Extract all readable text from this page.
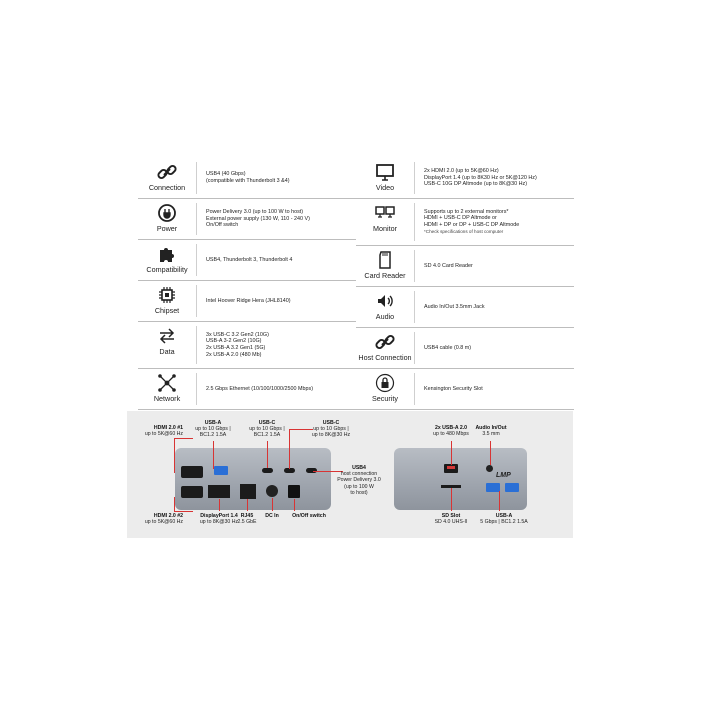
Connection
USB4 (40 Gbps)
(compatible with Thunderbolt 3 &4)
Power
Power Delivery 3.0 (up to 100 W to host)
External power supply (130 W, 110 - 240 V)
On/Off switch
Compatibility
USB4, Thunderbolt 3, Thunderbolt 4
Chipset
Intel Hoover Ridge Hera (JHL8140)
Data
3x USB-C 3.2 Gen2 (10G)
USB-A 3-2 Gen2 (10G)
2x USB-A 3.2 Gen1 (5G)
2x USB-A 2.0 (480 Mb)
Network
2.5 Gbps Ethernet (10/100/1000/2500 Mbps)
Video
2x HDMI 2.0 (up to 5K@60 Hz)
DisplayPort 1.4 (up to 8K30 Hz or 5K@120 Hz)
USB-C 10G DP Altmode (up to 8K@30 Hz)
Monitor
Supports up to 2 external monitors*
HDMI + USB-C DP Altmode or
HDMI + DP or DP + USB-C DP Altmode
*Check specifications of host computer
Card Reader
SD 4.0 Card Reader
Audio
Audio In/Out 3.5mm Jack
Host Connection
USB4 cable (0.8 m)
Security
Kensington Security Slot
LMP
HDMI 2.0 #1
up to 5K@60 Hz
USB-A
up to 10 Gbps |
BC1.2 1.5A
USB-C
up to 10 Gbps |
BC1.2 1.5A
USB-C
up to 10 Gbps |
up to 8K@30 Hz
USB4
host connection
Power Delivery 3.0
(up to 100 W
to host)
HDMI 2.0 #2
up to 5K@60 Hz
DisplayPort 1.4
up to 8K@30 Hz
RJ45
2.5 GbE
DC In	On/Off switch
2x USB-A 2.0
up to 480 Mbps
Audio In/Out
3.5 mm
SD Slot
SD 4.0 UHS-II
USB-A
5 Gbps | BC1.2 1.5A
